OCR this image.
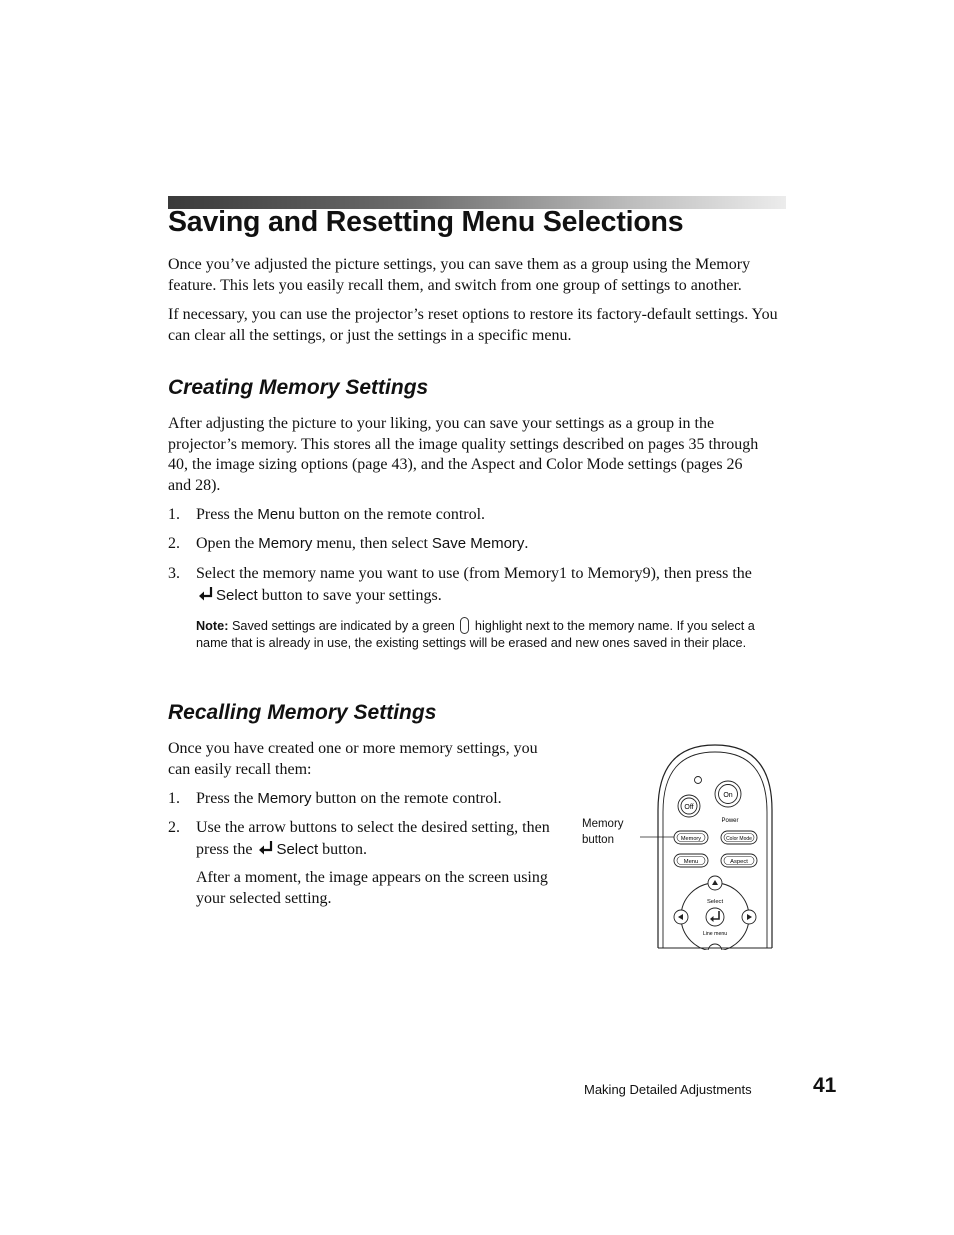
Saving and Resetting Menu Selections

Once you’ve adjusted the picture settings, you can save them as a group using the Memory feature. This lets you easily recall them, and switch from one group of settings to another.

If necessary, you can use the projector’s reset options to restore its factory-default settings. You can clear all the settings, or just the settings in a specific menu.

Creating Memory Settings

After adjusting the picture to your liking, you can save your settings as a group in the projector’s memory. This stores all the image quality settings described on pages 35 through 40, the image sizing options (page 43), and the Aspect and Color Mode settings (pages 26 and 28).

1. Press the Menu button on the remote control.

2. Open the Memory menu, then select Save Memory.

3. Select the memory name you want to use (from Memory1 to Memory9), then press the
Select button to save your settings.

Note: Saved settings are indicated by a green  highlight next to the memory name. If you select a name that is already in use, the existing settings will be erased and new ones saved in their place.

Recalling Memory Settings

Once you have created one or more memory settings, you can easily recall them:

1. Press the Memory button on the remote control.

2. Use the arrow buttons to select the desired setting, then
press the Select button.

After a moment, the image appears on the screen using your selected setting.

Memory button

Off
On
Power
Memory	Color Mode
Menu	Aspect
Select
Line menu

Making Detailed Adjustments	41
